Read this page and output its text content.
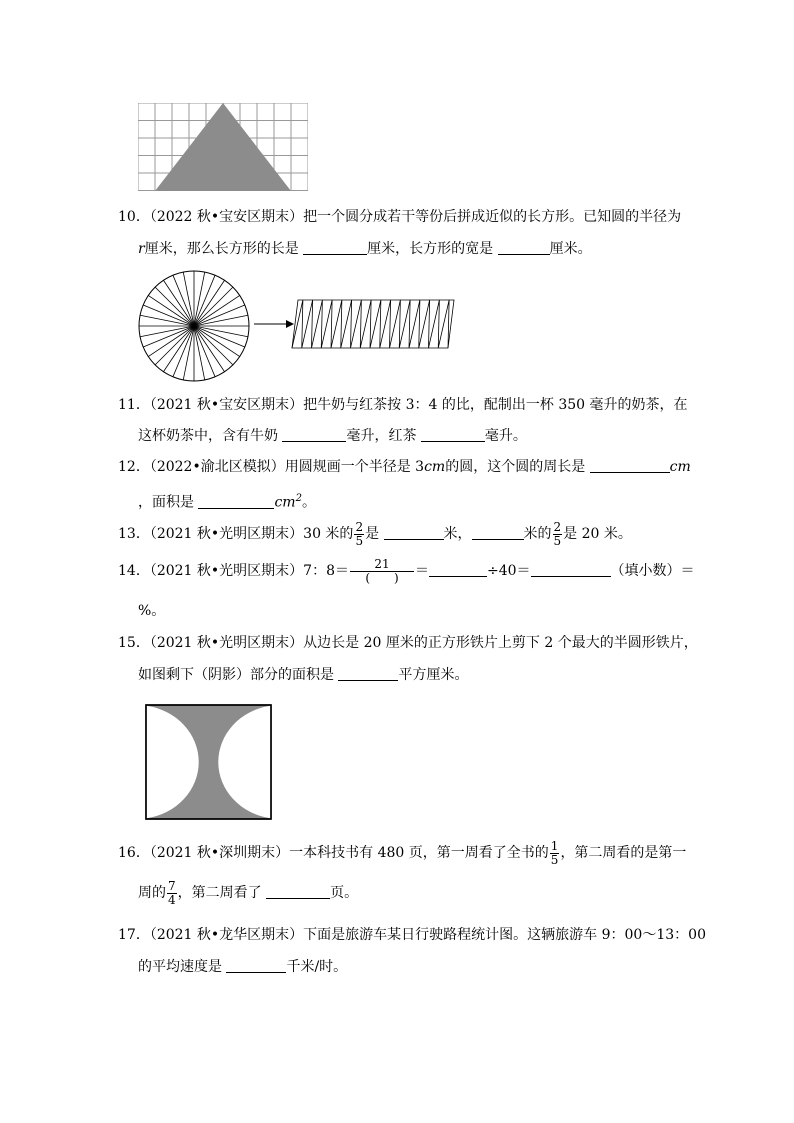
10．（2022 秋•宝安区期末）把一个圆分成若干等份后拼成近似的长方形。已知圆的半径为
r厘米，那么长方形的长是	厘米，长方形的宽是	厘米。
11．（2021 秋•宝安区期末）把牛奶与红茶按 3：4 的比，配制出一杯 350 毫升的奶茶，在
这杯奶茶中，含有牛奶	毫升，红茶	毫升。
12．（2022•渝北区模拟）用圆规画一个半径是 3cm的圆，这个圆的周长是	cm
，面积是	$cm^2$。
13．（2021 秋•光明区期末）30 米的 $\frac{2}{5}$ 是	米，	米的 $\frac{2}{5}$ 是 20 米。
14．（2021 秋•光明区期末）7：$8= \frac{21}{( )}$ ＝	÷40＝	（填小数）＝
%。
15．（2021 秋•光明区期末）从边长是 20 厘米的正方形铁片上剪下 2 个最大的半圆形铁片，
如图剩下（阴影）部分的面积是	平方厘米。
16．（2021 秋•深圳期末）一本科技书有 480 页，第一周看了全书的 $\frac{1}{5}$ ，第二周看的是第一
周的 $\frac{7}{4}$ ，第二周看了	页。
17．（2021 秋•龙华区期末）下面是旅游车某日行驶路程统计图。这辆旅游车 9：00～13：00
的平均速度是	千米/时。
